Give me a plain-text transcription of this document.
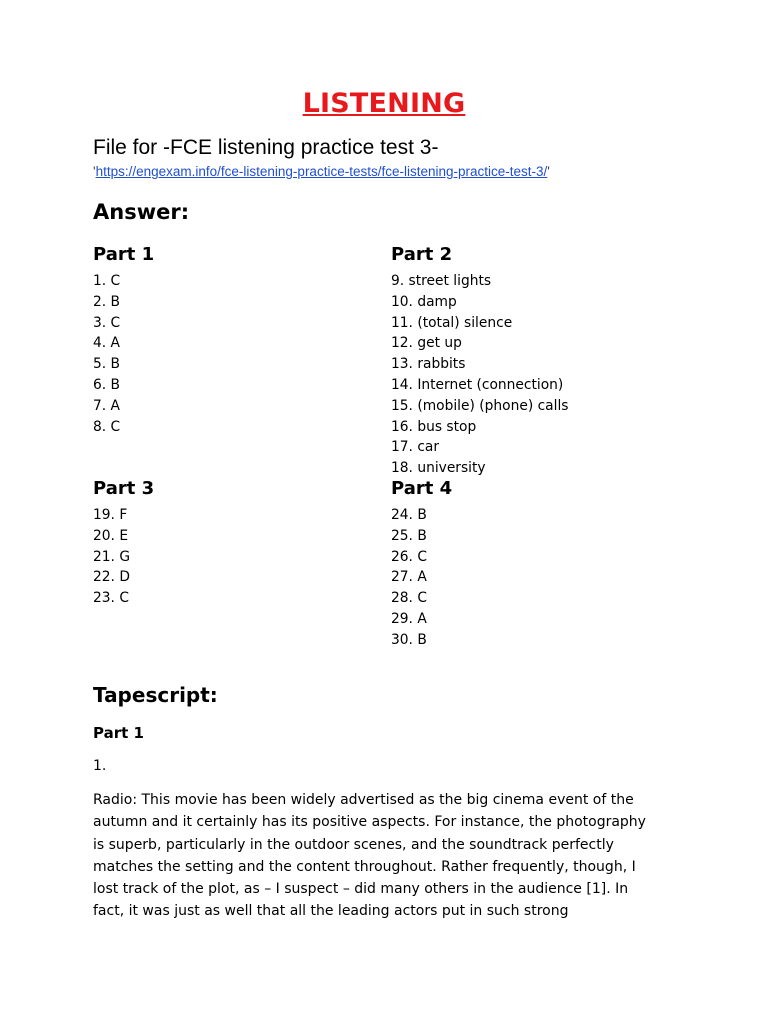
LISTENING
File for -FCE listening practice test 3-
'https://engexam.info/fce-listening-practice-tests/fce-listening-practice-test-3/'
Answer:
Part 1
1. C
2. B
3. C
4. A
5. B
6. B
7. A
8. C
Part 2
9. street lights
10. damp
11. (total) silence
12. get up
13. rabbits
14. Internet (connection)
15. (mobile) (phone) calls
16. bus stop
17. car
18. university
Part 3
19. F
20. E
21. G
22. D
23. C
Part 4
24. B
25. B
26. C
27. A
28. C
29. A
30. B
Tapescript:
Part 1
1.
Radio: This movie has been widely advertised as the big cinema event of the
autumn and it certainly has its positive aspects. For instance, the photography
is superb, particularly in the outdoor scenes, and the soundtrack perfectly
matches the setting and the content throughout. Rather frequently, though, I
lost track of the plot, as – I suspect – did many others in the audience [1]. In
fact, it was just as well that all the leading actors put in such strong
